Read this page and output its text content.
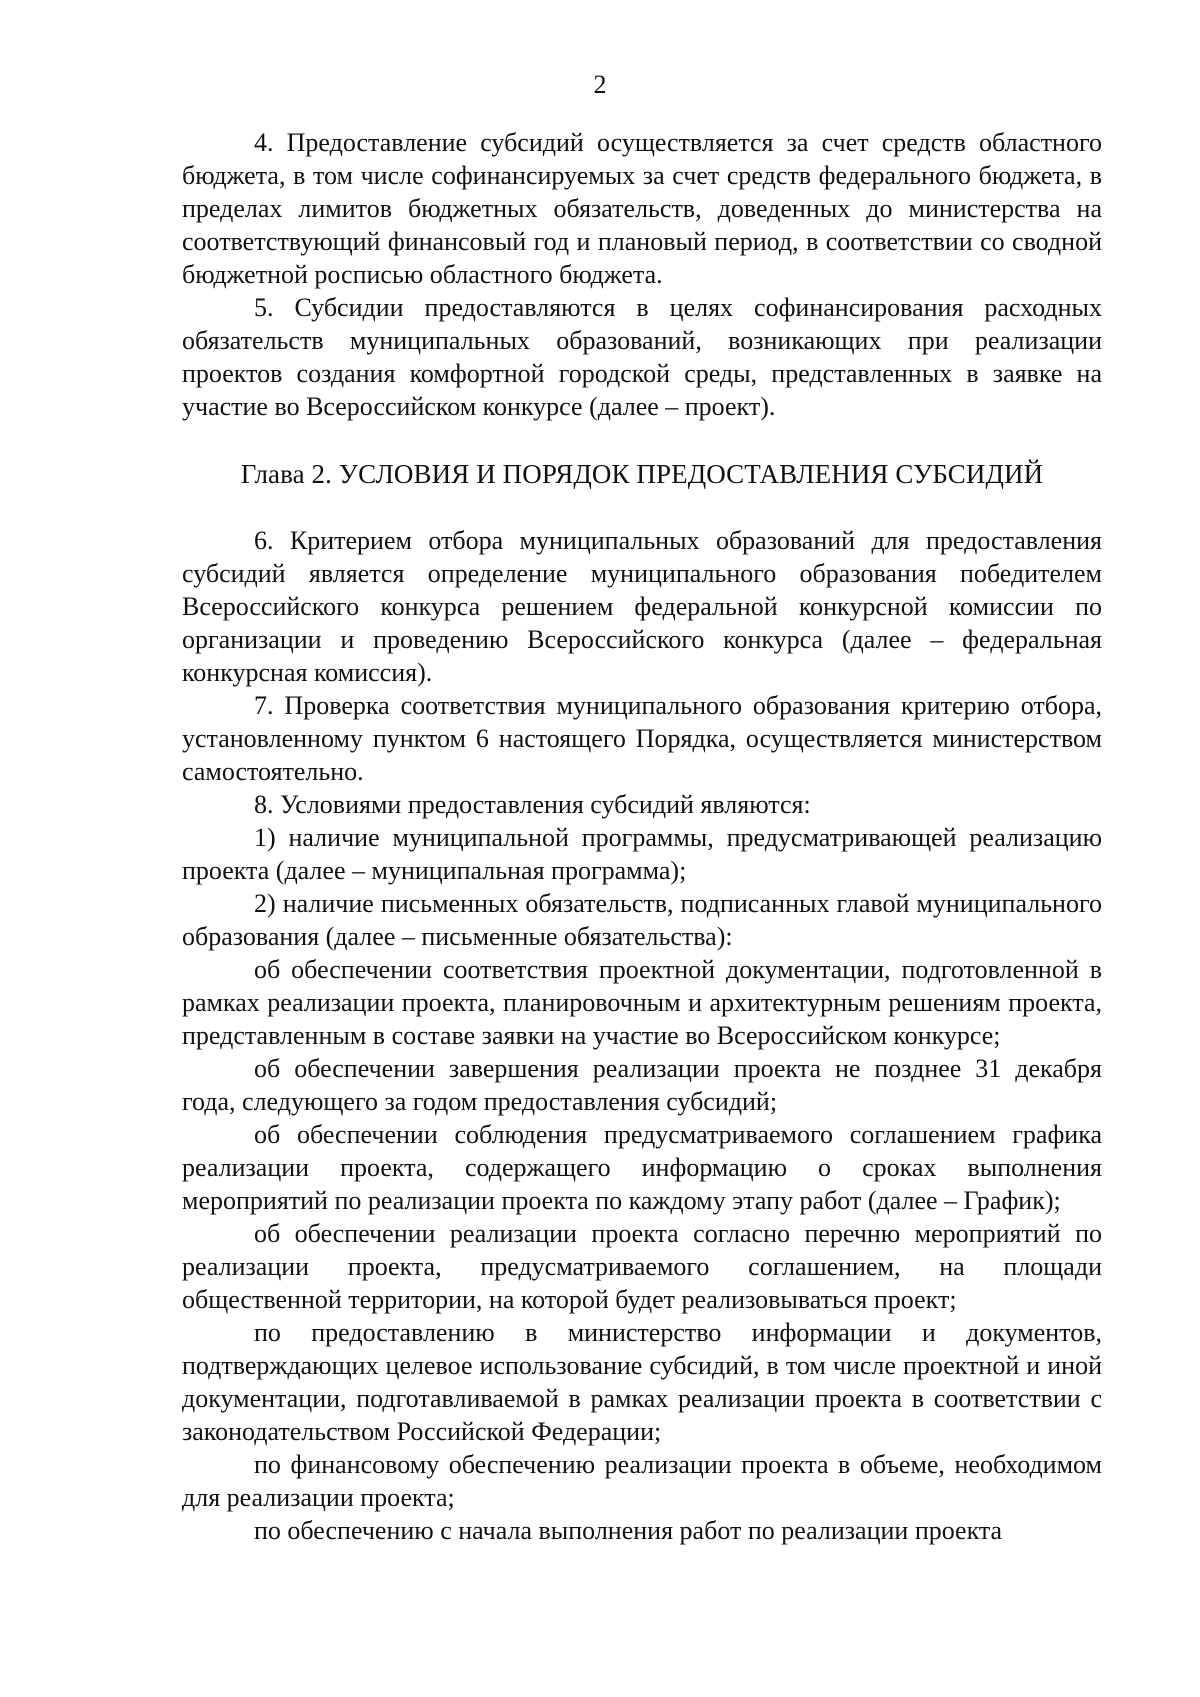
2

4. Предоставление субсидий осуществляется за счет средств областного бюджета, в том числе софинансируемых за счет средств федерального бюджета, в пределах лимитов бюджетных обязательств, доведенных до министерства на соответствующий финансовый год и плановый период, в соответствии со сводной бюджетной росписью областного бюджета.

5. Субсидии предоставляются в целях софинансирования расходных обязательств муниципальных образований, возникающих при реализации проектов создания комфортной городской среды, представленных в заявке на участие во Всероссийском конкурсе (далее – проект).

Глава 2. УСЛОВИЯ И ПОРЯДОК ПРЕДОСТАВЛЕНИЯ СУБСИДИЙ

6. Критерием отбора муниципальных образований для предоставления субсидий является определение муниципального образования победителем Всероссийского конкурса решением федеральной конкурсной комиссии по организации и проведению Всероссийского конкурса (далее – федеральная конкурсная комиссия).

7. Проверка соответствия муниципального образования критерию отбора, установленному пунктом 6 настоящего Порядка, осуществляется министерством самостоятельно.

8. Условиями предоставления субсидий являются:

1) наличие муниципальной программы, предусматривающей реализацию проекта (далее – муниципальная программа);

2) наличие письменных обязательств, подписанных главой муниципального образования (далее – письменные обязательства):

об обеспечении соответствия проектной документации, подготовленной в рамках реализации проекта, планировочным и архитектурным решениям проекта, представленным в составе заявки на участие во Всероссийском конкурсе;

об обеспечении завершения реализации проекта не позднее 31 декабря года, следующего за годом предоставления субсидий;

об обеспечении соблюдения предусматриваемого соглашением графика реализации проекта, содержащего информацию о сроках выполнения мероприятий по реализации проекта по каждому этапу работ (далее – График);

об обеспечении реализации проекта согласно перечню мероприятий по реализации проекта, предусматриваемого соглашением, на площади общественной территории, на которой будет реализовываться проект;

по предоставлению в министерство информации и документов, подтверждающих целевое использование субсидий, в том числе проектной и иной документации, подготавливаемой в рамках реализации проекта в соответствии с законодательством Российской Федерации;

по финансовому обеспечению реализации проекта в объеме, необходимом для реализации проекта;

по обеспечению с начала выполнения работ по реализации проекта
